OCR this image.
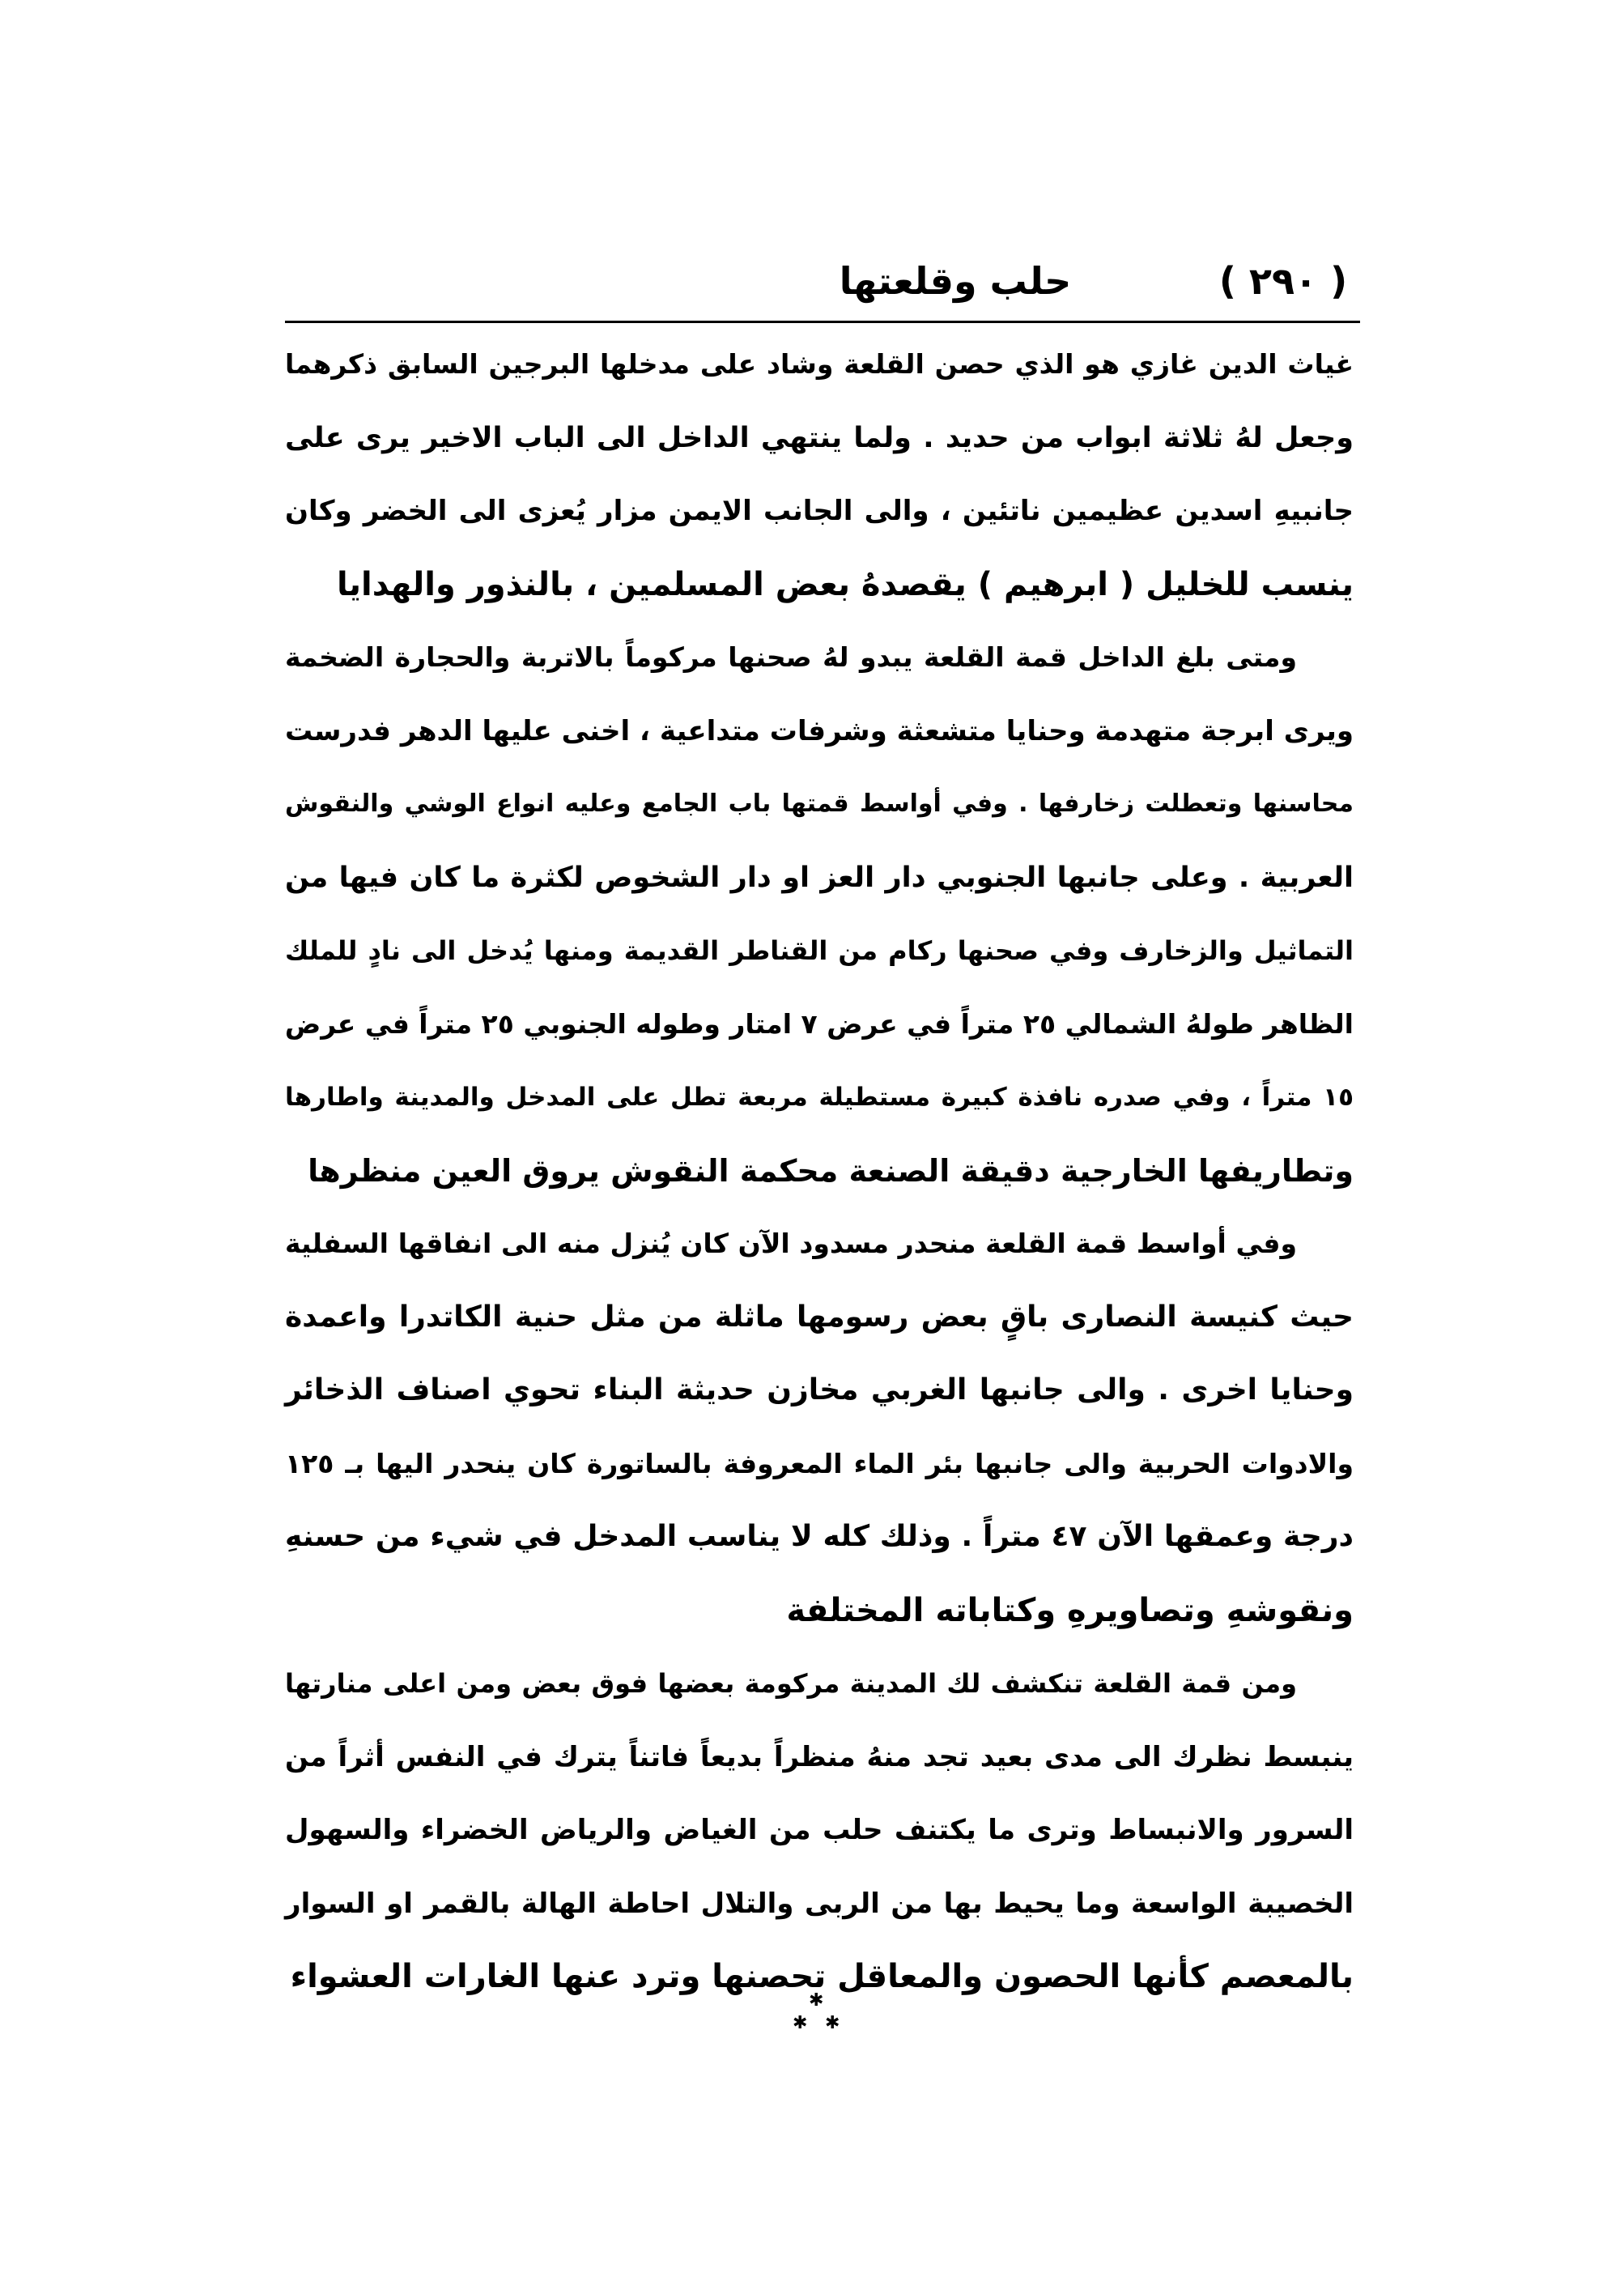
( ٢٩٠ )
حلب وقلعتها
غياث الدين غازي هو الذي حصن القلعة وشاد على مدخلها البرجين السابق ذكرهما
وجعل لهُ ثلاثة ابواب من حديد . ولما ينتهي الداخل الى الباب الاخير يرى على
جانبيهِ اسدين عظيمين ناتئين ، والى الجانب الايمن مزار يُعزى الى الخضر وكان
ينسب للخليل ( ابرهيم ) يقصدهُ بعض المسلمين ، بالنذور والهدايا
ومتى بلغ الداخل قمة القلعة يبدو لهُ صحنها مركوماً بالاتربة والحجارة الضخمة
ويرى ابرجة متهدمة وحنايا متشعثة وشرفات متداعية ، اخنى عليها الدهر فدرست
محاسنها وتعطلت زخارفها . وفي أواسط قمتها باب الجامع وعليه انواع الوشي والنقوش
العربية . وعلى جانبها الجنوبي دار العز او دار الشخوص لكثرة ما كان فيها من
التماثيل والزخارف وفي صحنها ركام من القناطر القديمة ومنها يُدخل الى نادٍ للملك
الظاهر طولهُ الشمالي ٢٥ متراً في عرض ٧ امتار وطوله الجنوبي ٢٥ متراً في عرض
١٥ متراً ، وفي صدره نافذة كبيرة مستطيلة مربعة تطل على المدخل والمدينة واطارها
وتطاريفها الخارجية دقيقة الصنعة محكمة النقوش يروق العين منظرها
وفي أواسط قمة القلعة منحدر مسدود الآن كان يُنزل منه الى انفاقها السفلية
حيث كنيسة النصارى باقٍ بعض رسومها ماثلة من مثل حنية الكاتدرا واعمدة
وحنايا اخرى . والى جانبها الغربي مخازن حديثة البناء تحوي اصناف الذخائر
والادوات الحربية والى جانبها بئر الماء المعروفة بالساتورة كان ينحدر اليها بـ ١٢٥
درجة وعمقها الآن ٤٧ متراً . وذلك كله لا يناسب المدخل في شيء من حسنهِ
ونقوشهِ وتصاويرهِ وكتاباته المختلفة
ومن قمة القلعة تنكشف لك المدينة مركومة بعضها فوق بعض ومن اعلى منارتها
ينبسط نظرك الى مدى بعيد تجد منهُ منظراً بديعاً فاتناً يترك في النفس أثراً من
السرور والانبساط وترى ما يكتنف حلب من الغياض والرياض الخضراء والسهول
الخصيبة الواسعة وما يحيط بها من الربى والتلال احاطة الهالة بالقمر او السوار
بالمعصم كأنها الحصون والمعاقل تحصنها وترد عنها الغارات العشواء
✱
✱ ✱
